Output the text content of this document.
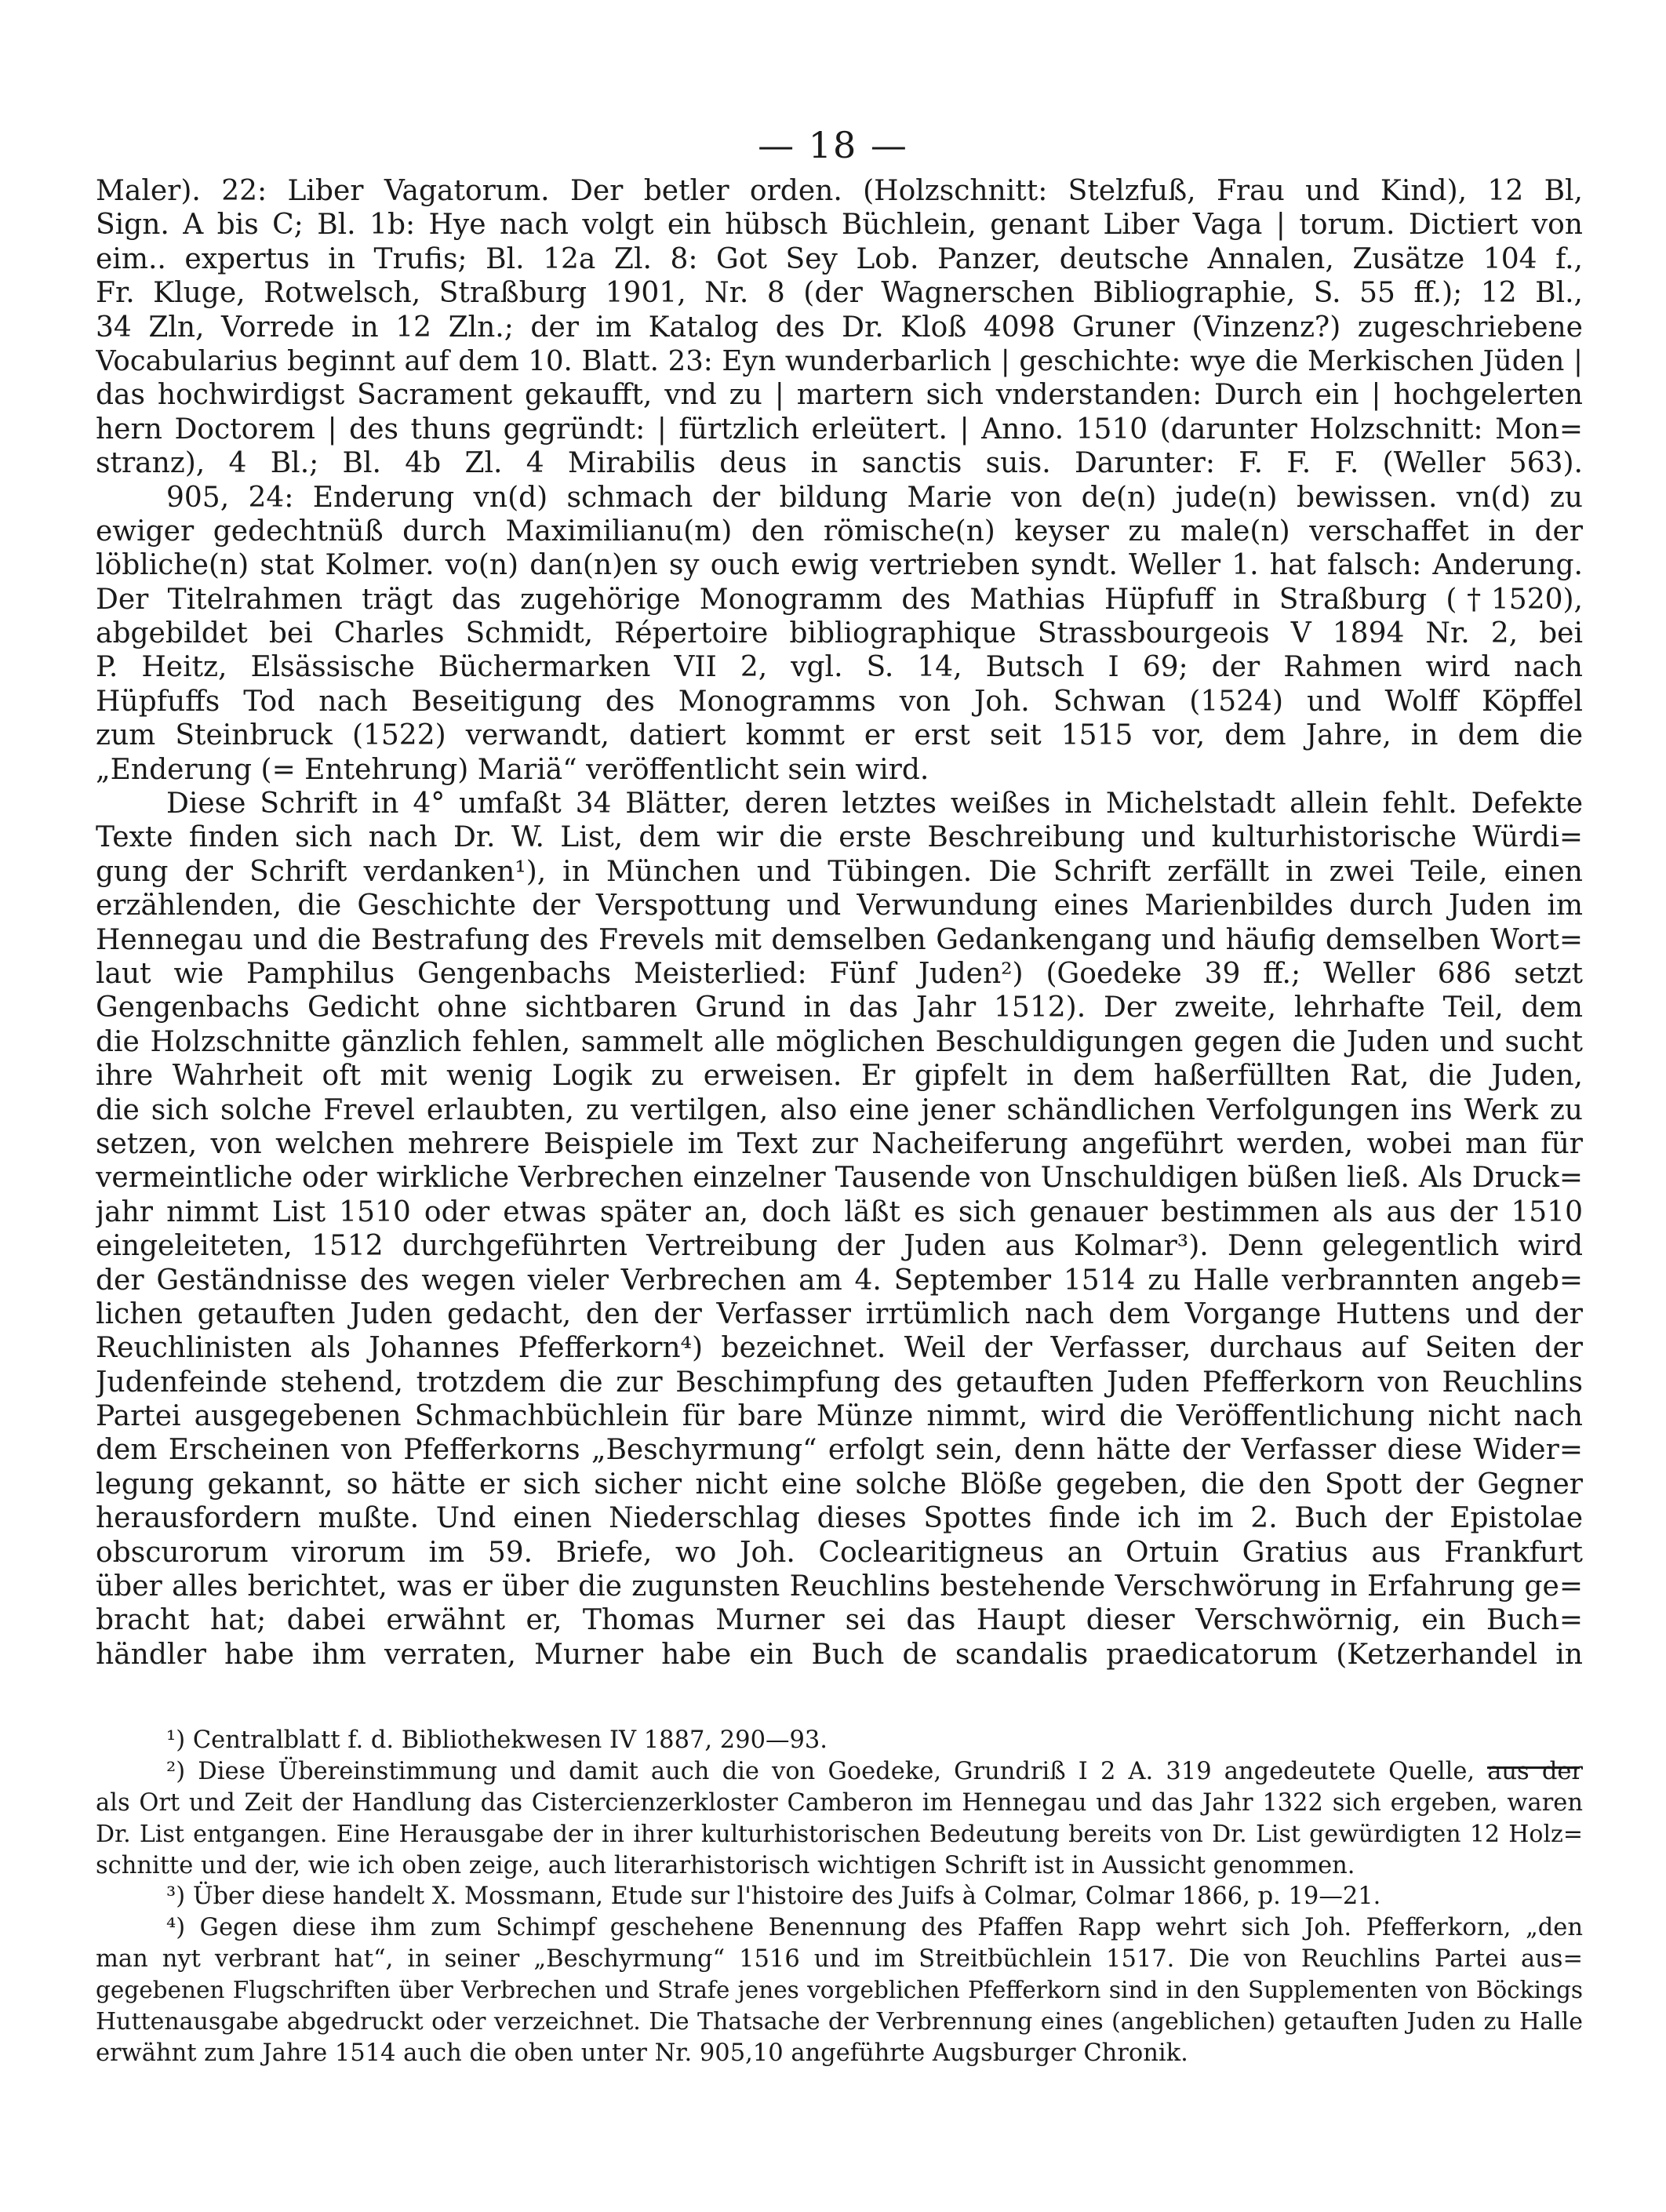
— 18 —
Maler). 22: Liber Vagatorum. Der betler orden. (Holzschnitt: Stelzfuß, Frau und Kind), 12 Bl,
Sign. A bis C; Bl. 1b: Hye nach volgt ein hübsch Büchlein, genant Liber Vaga | torum. Dictiert von
eim.. expertus in Trufis; Bl. 12a Zl. 8: Got Sey Lob. Panzer, deutsche Annalen, Zusätze 104 f.,
Fr. Kluge, Rotwelsch, Straßburg 1901, Nr. 8 (der Wagnerschen Bibliographie, S. 55 ff.); 12 Bl.,
34 Zln, Vorrede in 12 Zln.; der im Katalog des Dr. Kloß 4098 Gruner (Vinzenz?) zugeschriebene
Vocabularius beginnt auf dem 10. Blatt. 23: Eyn wunderbarlich | geschichte: wye die Merkischen Jüden |
das hochwirdigst Sacrament gekaufft, vnd zu | martern sich vnderstanden: Durch ein | hochgelerten
hern Doctorem | des thuns gegründt: | fürtzlich erleütert. | Anno. 1510 (darunter Holzschnitt: Mon=
stranz), 4 Bl.; Bl. 4b Zl. 4 Mirabilis deus in sanctis suis. Darunter: F. F. F. (Weller 563).
905, 24: Enderung vn(d) schmach der bildung Marie von de(n) jude(n) bewissen. vn(d) zu
ewiger gedechtnüß durch Maximilianu(m) den römische(n) keyser zu male(n) verschaffet in der
löbliche(n) stat Kolmer. vo(n) dan(n)en sy ouch ewig vertrieben syndt. Weller 1. hat falsch: Anderung.
Der Titelrahmen trägt das zugehörige Monogramm des Mathias Hüpfuff in Straßburg (†1520),
abgebildet bei Charles Schmidt, Répertoire bibliographique Strassbourgeois V 1894 Nr. 2, bei
P. Heitz, Elsässische Büchermarken VII 2, vgl. S. 14, Butsch I 69; der Rahmen wird nach
Hüpfuffs Tod nach Beseitigung des Monogramms von Joh. Schwan (1524) und Wolff Köpffel
zum Steinbruck (1522) verwandt, datiert kommt er erst seit 1515 vor, dem Jahre, in dem die
„Enderung (= Entehrung) Mariä“ veröffentlicht sein wird.
Diese Schrift in 4° umfaßt 34 Blätter, deren letztes weißes in Michelstadt allein fehlt. Defekte
Texte finden sich nach Dr. W. List, dem wir die erste Beschreibung und kulturhistorische Würdi=
gung der Schrift verdanken¹), in München und Tübingen. Die Schrift zerfällt in zwei Teile, einen
erzählenden, die Geschichte der Verspottung und Verwundung eines Marienbildes durch Juden im
Hennegau und die Bestrafung des Frevels mit demselben Gedankengang und häufig demselben Wort=
laut wie Pamphilus Gengenbachs Meisterlied: Fünf Juden²) (Goedeke 39 ff.; Weller 686 setzt
Gengenbachs Gedicht ohne sichtbaren Grund in das Jahr 1512). Der zweite, lehrhafte Teil, dem
die Holzschnitte gänzlich fehlen, sammelt alle möglichen Beschuldigungen gegen die Juden und sucht
ihre Wahrheit oft mit wenig Logik zu erweisen. Er gipfelt in dem haßerfüllten Rat, die Juden,
die sich solche Frevel erlaubten, zu vertilgen, also eine jener schändlichen Verfolgungen ins Werk zu
setzen, von welchen mehrere Beispiele im Text zur Nacheiferung angeführt werden, wobei man für
vermeintliche oder wirkliche Verbrechen einzelner Tausende von Unschuldigen büßen ließ. Als Druck=
jahr nimmt List 1510 oder etwas später an, doch läßt es sich genauer bestimmen als aus der 1510
eingeleiteten, 1512 durchgeführten Vertreibung der Juden aus Kolmar³). Denn gelegentlich wird
der Geständnisse des wegen vieler Verbrechen am 4. September 1514 zu Halle verbrannten angeb=
lichen getauften Juden gedacht, den der Verfasser irrtümlich nach dem Vorgange Huttens und der
Reuchlinisten als Johannes Pfefferkorn⁴) bezeichnet. Weil der Verfasser, durchaus auf Seiten der
Judenfeinde stehend, trotzdem die zur Beschimpfung des getauften Juden Pfefferkorn von Reuchlins
Partei ausgegebenen Schmachbüchlein für bare Münze nimmt, wird die Veröffentlichung nicht nach
dem Erscheinen von Pfefferkorns „Beschyrmung“ erfolgt sein, denn hätte der Verfasser diese Wider=
legung gekannt, so hätte er sich sicher nicht eine solche Blöße gegeben, die den Spott der Gegner
herausfordern mußte. Und einen Niederschlag dieses Spottes finde ich im 2. Buch der Epistolae
obscurorum virorum im 59. Briefe, wo Joh. Coclearitigneus an Ortuin Gratius aus Frankfurt
über alles berichtet, was er über die zugunsten Reuchlins bestehende Verschwörung in Erfahrung ge=
bracht hat; dabei erwähnt er, Thomas Murner sei das Haupt dieser Verschwörnig, ein Buch=
händler habe ihm verraten, Murner habe ein Buch de scandalis praedicatorum (Ketzerhandel in
¹) Centralblatt f. d. Bibliothekwesen IV 1887, 290—93.
²) Diese Übereinstimmung und damit auch die von Goedeke, Grundriß I 2 A. 319 angedeutete Quelle, aus der
als Ort und Zeit der Handlung das Cistercienzerkloster Camberon im Hennegau und das Jahr 1322 sich ergeben, waren
Dr. List entgangen. Eine Herausgabe der in ihrer kulturhistorischen Bedeutung bereits von Dr. List gewürdigten 12 Holz=
schnitte und der, wie ich oben zeige, auch literarhistorisch wichtigen Schrift ist in Aussicht genommen.
³) Über diese handelt X. Mossmann, Etude sur l'histoire des Juifs à Colmar, Colmar 1866, p. 19—21.
⁴) Gegen diese ihm zum Schimpf geschehene Benennung des Pfaffen Rapp wehrt sich Joh. Pfefferkorn, „den
man nyt verbrant hat“, in seiner „Beschyrmung“ 1516 und im Streitbüchlein 1517. Die von Reuchlins Partei aus=
gegebenen Flugschriften über Verbrechen und Strafe jenes vorgeblichen Pfefferkorn sind in den Supplementen von Böckings
Huttenausgabe abgedruckt oder verzeichnet. Die Thatsache der Verbrennung eines (angeblichen) getauften Juden zu Halle
erwähnt zum Jahre 1514 auch die oben unter Nr. 905,10 angeführte Augsburger Chronik.
